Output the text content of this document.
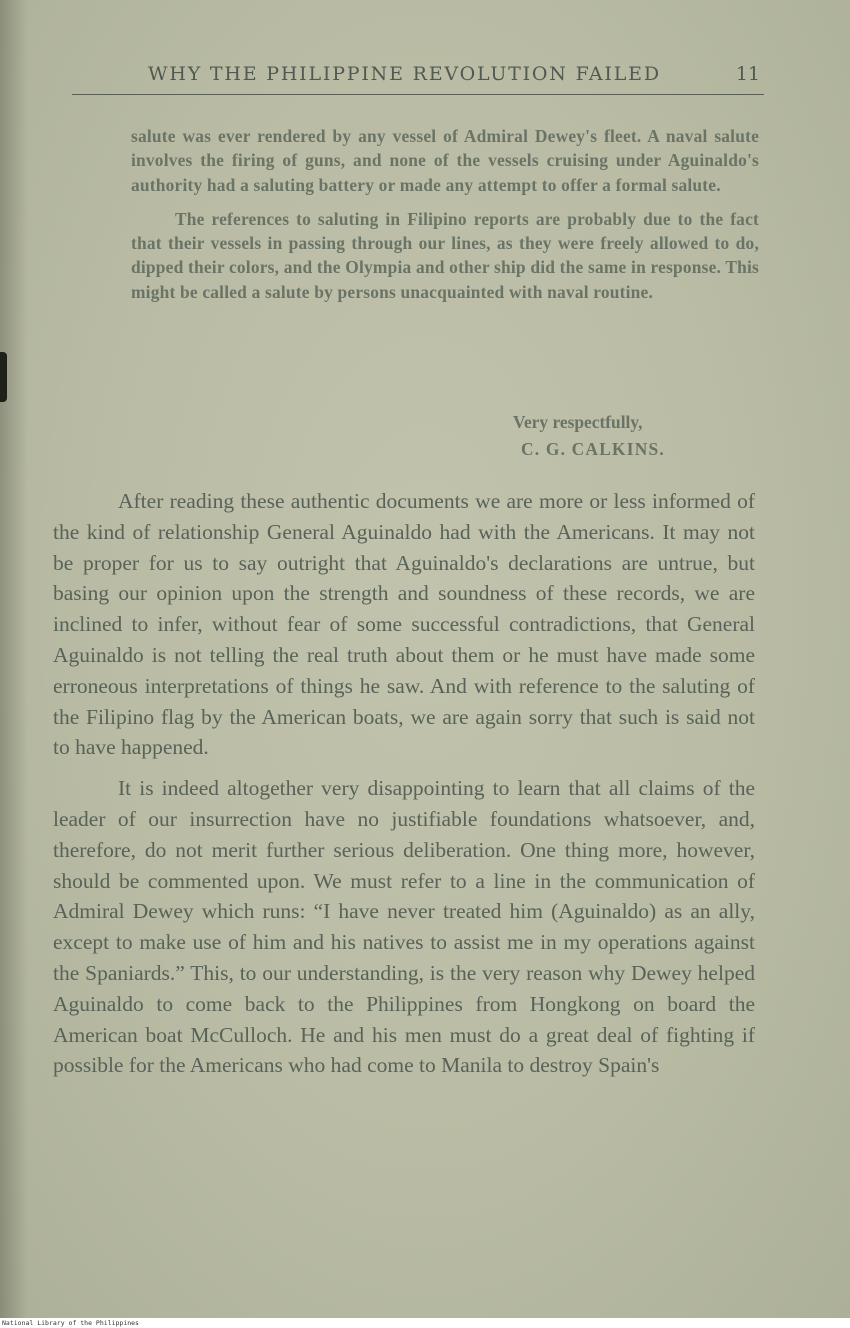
WHY THE PHILIPPINE REVOLUTION FAILED	11

salute was ever rendered by any vessel of Admiral Dewey's fleet. A naval salute involves the firing of guns, and none of the vessels cruising under Aguinaldo's authority had a saluting battery or made any attempt to offer a formal salute.

The references to saluting in Filipino reports are probably due to the fact that their vessels in passing through our lines, as they were freely allowed to do, dipped their colors, and the Olympia and other ship did the same in response. This might be called a salute by persons unacquainted with naval routine.

Very respectfully,
C. G. CALKINS.

After reading these authentic documents we are more or less informed of the kind of relationship General Aguinaldo had with the Americans. It may not be proper for us to say outright that Aguinaldo's declarations are untrue, but basing our opinion upon the strength and soundness of these records, we are inclined to infer, without fear of some successful contradictions, that General Aguinaldo is not telling the real truth about them or he must have made some erroneous interpretations of things he saw. And with reference to the saluting of the Filipino flag by the American boats, we are again sorry that such is said not to have happened.

It is indeed altogether very disappointing to learn that all claims of the leader of our insurrection have no justifiable foundations whatsoever, and, therefore, do not merit further serious deliberation. One thing more, however, should be commented upon. We must refer to a line in the communication of Admiral Dewey which runs: “I have never treated him (Aguinaldo) as an ally, except to make use of him and his natives to assist me in my operations against the Spaniards.” This, to our understanding, is the very reason why Dewey helped Aguinaldo to come back to the Philippines from Hongkong on board the American boat McCulloch. He and his men must do a great deal of fighting if possible for the Americans who had come to Manila to destroy Spain's

National Library of the Philippines
